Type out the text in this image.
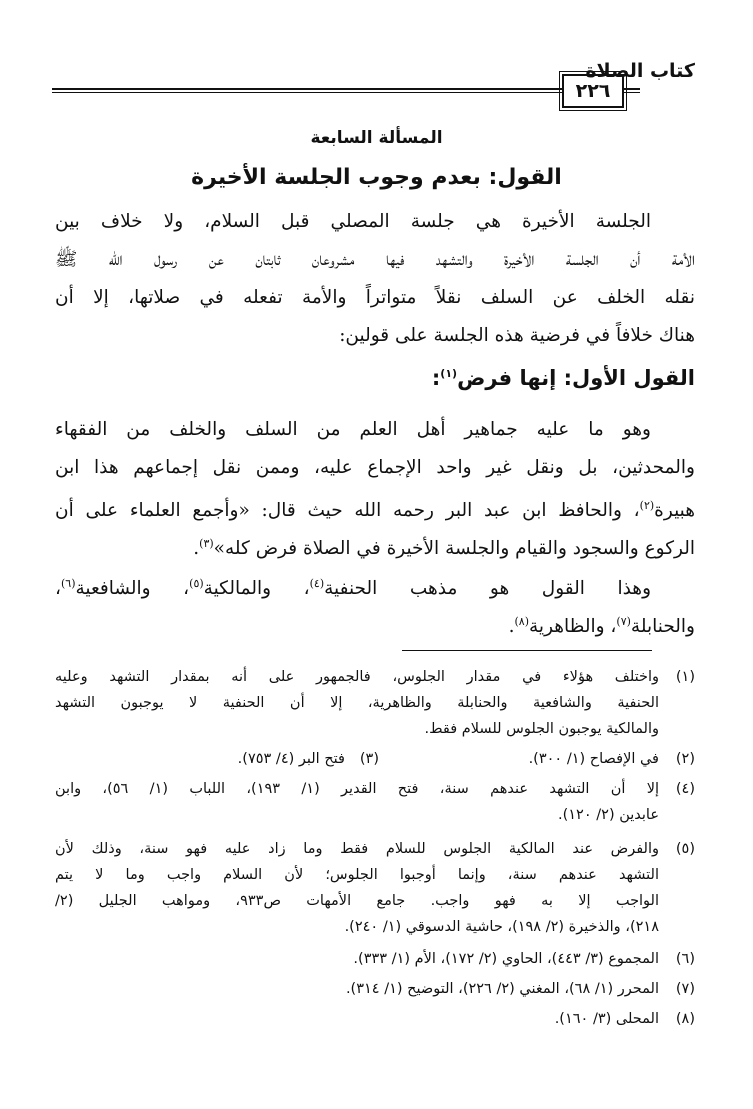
كتاب الصلاة
٢٢٦
المسألة السابعة
القول: بعدم وجوب الجلسة الأخيرة
الجلسة الأخيرة هي جلسة المصلي قبل السلام، ولا خلاف بين
الأمة أن الجلسة الأخيرة والتشهد فيها مشروعان ثابتان عن رسول الله ﷺ
نقله الخلف عن السلف نقلاً متواتراً والأمة تفعله في صلاتها، إلا أن
هناك خلافاً في فرضية هذه الجلسة على قولين:
القول الأول: إنها فرض$^{(١)}$:
وهو ما عليه جماهير أهل العلم من السلف والخلف من الفقهاء
والمحدثين، بل ونقل غير واحد الإجماع عليه، وممن نقل إجماعهم هذا ابن
هبيرة$^{(٢)}$، والحافظ ابن عبد البر رحمه الله حيث قال: «وأجمع العلماء على أن
الركوع والسجود والقيام والجلسة الأخيرة في الصلاة فرض كله»$^{(٣)}$.
وهذا القول هو مذهب الحنفية$^{(٤)}$، والمالكية$^{(٥)}$، والشافعية$^{(٦)}$،
والحنابلة$^{(٧)}$، والظاهرية$^{(٨)}$.
(١)
واختلف هؤلاء في مقدار الجلوس، فالجمهور على أنه بمقدار التشهد وعليه
الحنفية والشافعية والحنابلة والظاهرية، إلا أن الحنفية لا يوجبون التشهد
والمالكية يوجبون الجلوس للسلام فقط.
(٢)
في الإفصاح (١/ ٣٠٠).
(٣)
فتح البر (٤/ ٧٥٣).
(٤)
إلا أن التشهد عندهم سنة، فتح القدير (١/ ١٩٣)، اللباب (١/ ٥٦)، وابن
عابدين (٢/ ١٢٠).
(٥)
والفرض عند المالكية الجلوس للسلام فقط وما زاد عليه فهو سنة، وذلك لأن
التشهد عندهم سنة، وإنما أوجبوا الجلوس؛ لأن السلام واجب وما لا يتم
الواجب إلا به فهو واجب. جامع الأمهات ص٩٣٣، ومواهب الجليل (٢/
٢١٨)، والذخيرة (٢/ ١٩٨)، حاشية الدسوقي (١/ ٢٤٠).
(٦)
المجموع (٣/ ٤٤٣)، الحاوي (٢/ ١٧٢)، الأم (١/ ٣٣٣).
(٧)
المحرر (١/ ٦٨)، المغني (٢/ ٢٢٦)، التوضيح (١/ ٣١٤).
(٨)
المحلى (٣/ ١٦٠).
